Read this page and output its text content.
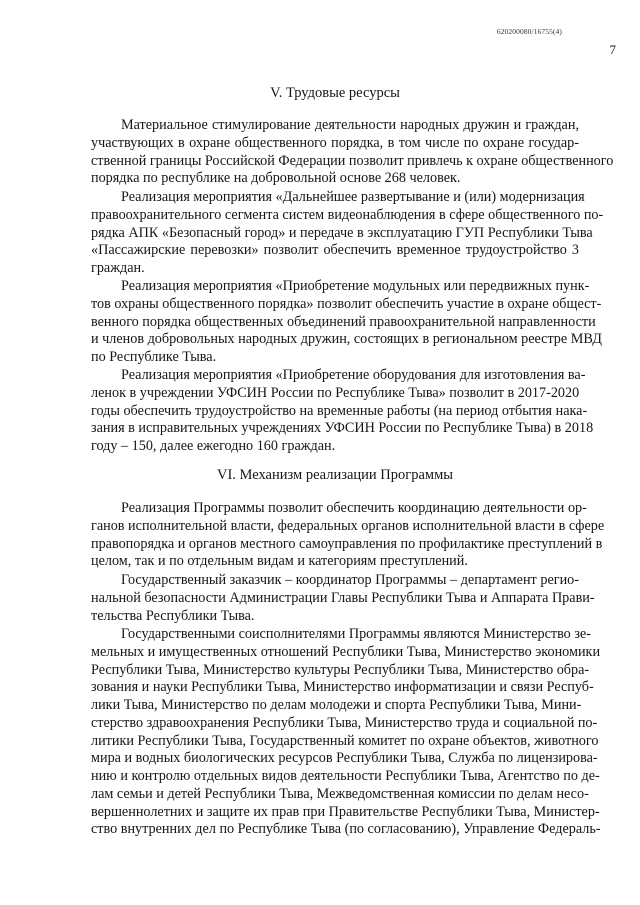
620200080/16755(4)
7
V. Трудовые ресурсы
Материальное стимулирование деятельности народных дружин и граждан,
участвующих в охране общественного порядка, в том числе по охране государ-
ственной границы Российской Федерации позволит привлечь к охране общественного
порядка по республике на добровольной основе 268 человек.
Реализация мероприятия «Дальнейшее развертывание и (или) модернизация
правоохранительного сегмента систем видеонаблюдения в сфере общественного по-
рядка АПК «Безопасный город» и передаче в эксплуатацию ГУП Республики Тыва
«Пассажирские перевозки» позволит обеспечить временное трудоустройство 3
граждан.
Реализация мероприятия «Приобретение модульных или передвижных пунк-
тов охраны общественного порядка» позволит обеспечить участие в охране общест-
венного порядка общественных объединений правоохранительной направленности
и членов добровольных народных дружин, состоящих в региональном реестре МВД
по Республике Тыва.
Реализация мероприятия «Приобретение оборудования для изготовления ва-
ленок в учреждении УФСИН России по Республике Тыва» позволит в 2017-2020
годы обеспечить трудоустройство на временные работы (на период отбытия нака-
зания в исправительных учреждениях УФСИН России по Республике Тыва) в 2018
году – 150, далее ежегодно 160 граждан.
VI. Механизм реализации Программы
Реализация Программы позволит обеспечить координацию деятельности ор-
ганов исполнительной власти, федеральных органов исполнительной власти в сфере
правопорядка и органов местного самоуправления по профилактике преступлений в
целом, так и по отдельным видам и категориям преступлений.
Государственный заказчик – координатор Программы – департамент регио-
нальной безопасности Администрации Главы Республики Тыва и Аппарата Прави-
тельства Республики Тыва.
Государственными соисполнителями Программы являются Министерство зе-
мельных и имущественных отношений Республики Тыва, Министерство экономики
Республики Тыва, Министерство культуры Республики Тыва, Министерство обра-
зования и науки Республики Тыва, Министерство информатизации и связи Респуб-
лики Тыва, Министерство по делам молодежи и спорта Республики Тыва, Мини-
стерство здравоохранения Республики Тыва, Министерство труда и социальной по-
литики Республики Тыва, Государственный комитет по охране объектов, животного
мира и водных биологических ресурсов Республики Тыва, Служба по лицензирова-
нию и контролю отдельных видов деятельности Республики Тыва, Агентство по де-
лам семьи и детей Республики Тыва, Межведомственная комиссии по делам несо-
вершеннолетних и защите их прав при Правительстве Республики Тыва, Министер-
ство внутренних дел по Республике Тыва (по согласованию), Управление Федераль-
